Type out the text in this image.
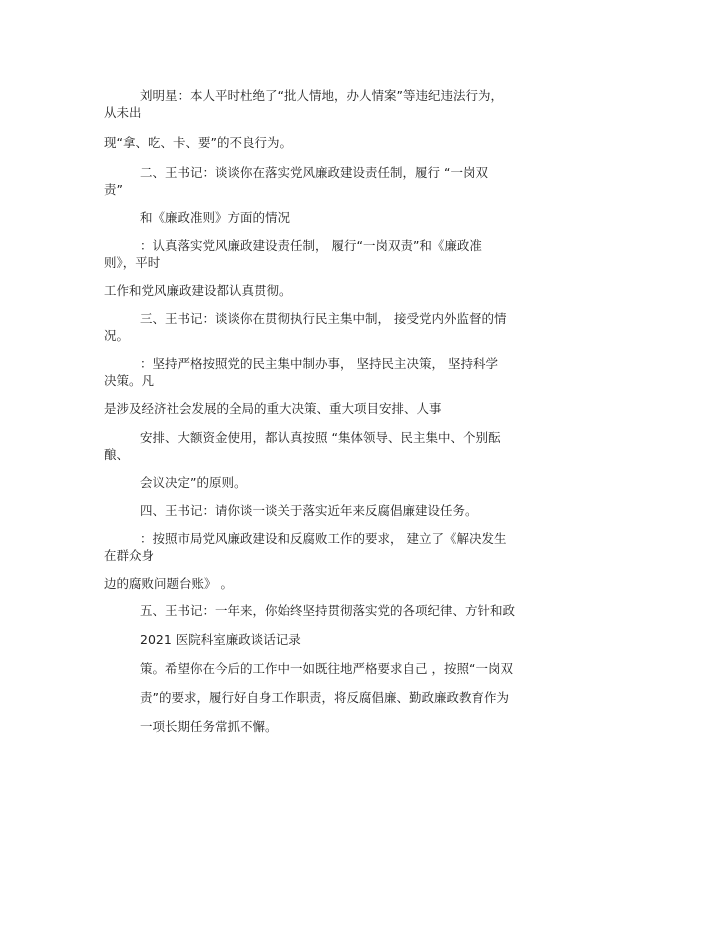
刘明星：本人平时杜绝了“批人情地，办人情案”等违纪违法行为，
从未出
现“拿、吃、卡、要”的不良行为。
二、王书记：谈谈你在落实党风廉政建设责任制，履行 “一岗双
责”
和《廉政准则》方面的情况
：认真落实党风廉政建设责任制， 履行“一岗双责”和《廉政准
则》，平时
工作和党风廉政建设都认真贯彻。
三、王书记：谈谈你在贯彻执行民主集中制， 接受党内外监督的情
况。
：坚持严格按照党的民主集中制办事， 坚持民主决策， 坚持科学
决策。凡
是涉及经济社会发展的全局的重大决策、重大项目安排、人事
安排、大额资金使用，都认真按照 “集体领导、民主集中、个别酝
酿、
会议决定”的原则。
四、王书记：请你谈一谈关于落实近年来反腐倡廉建设任务。
：按照市局党风廉政建设和反腐败工作的要求， 建立了《解决发生
在群众身
边的腐败问题台账》 。
五、王书记：一年来，你始终坚持贯彻落实党的各项纪律、方针和政
2021 医院科室廉政谈话记录
策。希望你在今后的工作中一如既往地严格要求自己 ，按照“一岗双
责”的要求，履行好自身工作职责，将反腐倡廉、勤政廉政教育作为
一项长期任务常抓不懈。
